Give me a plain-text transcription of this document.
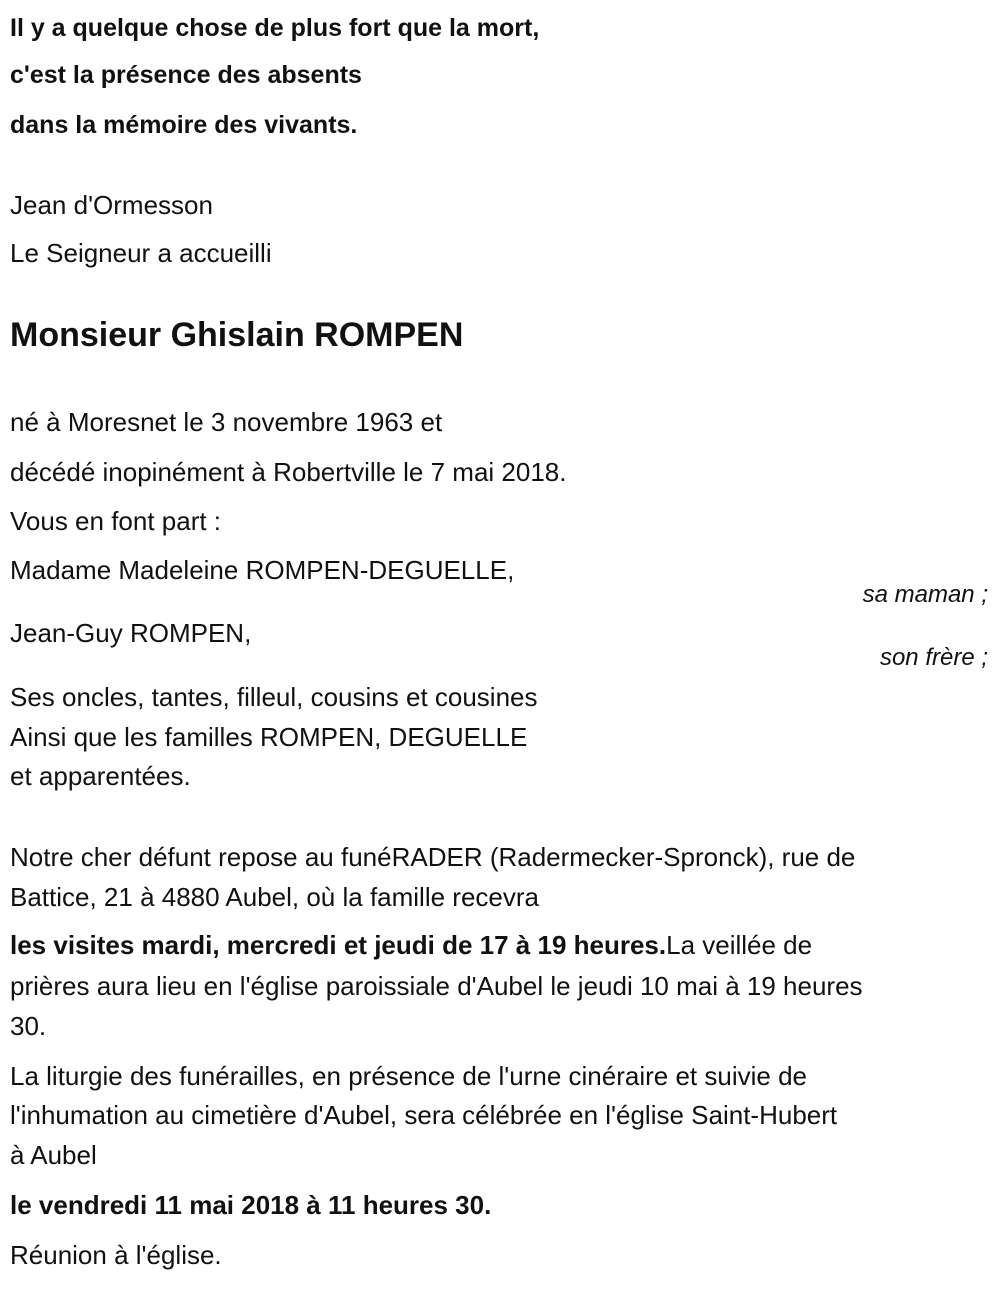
Il y a quelque chose de plus fort que la mort,
c'est la présence des absents
dans la mémoire des vivants.
Jean d'Ormesson
Le Seigneur a accueilli
Monsieur Ghislain ROMPEN
né à Moresnet le 3 novembre 1963 et
décédé inopinément à Robertville le 7 mai 2018.
Vous en font part :
Madame Madeleine ROMPEN-DEGUELLE,
sa maman ;
Jean-Guy ROMPEN,
son frère ;
Ses oncles, tantes, filleul, cousins et cousines
Ainsi que les familles ROMPEN, DEGUELLE
et apparentées.
Notre cher défunt repose au funéRADER (Radermecker-Spronck), rue de
Battice, 21 à 4880 Aubel, où la famille recevra
les visites mardi, mercredi et jeudi de 17 à 19 heures.La veillée de
prières aura lieu en l'église paroissiale d'Aubel le jeudi 10 mai à 19 heures
30.
La liturgie des funérailles, en présence de l'urne cinéraire et suivie de
l'inhumation au cimetière d'Aubel, sera célébrée en l'église Saint-Hubert
à Aubel
le vendredi 11 mai 2018 à 11 heures 30.
Réunion à l'église.
